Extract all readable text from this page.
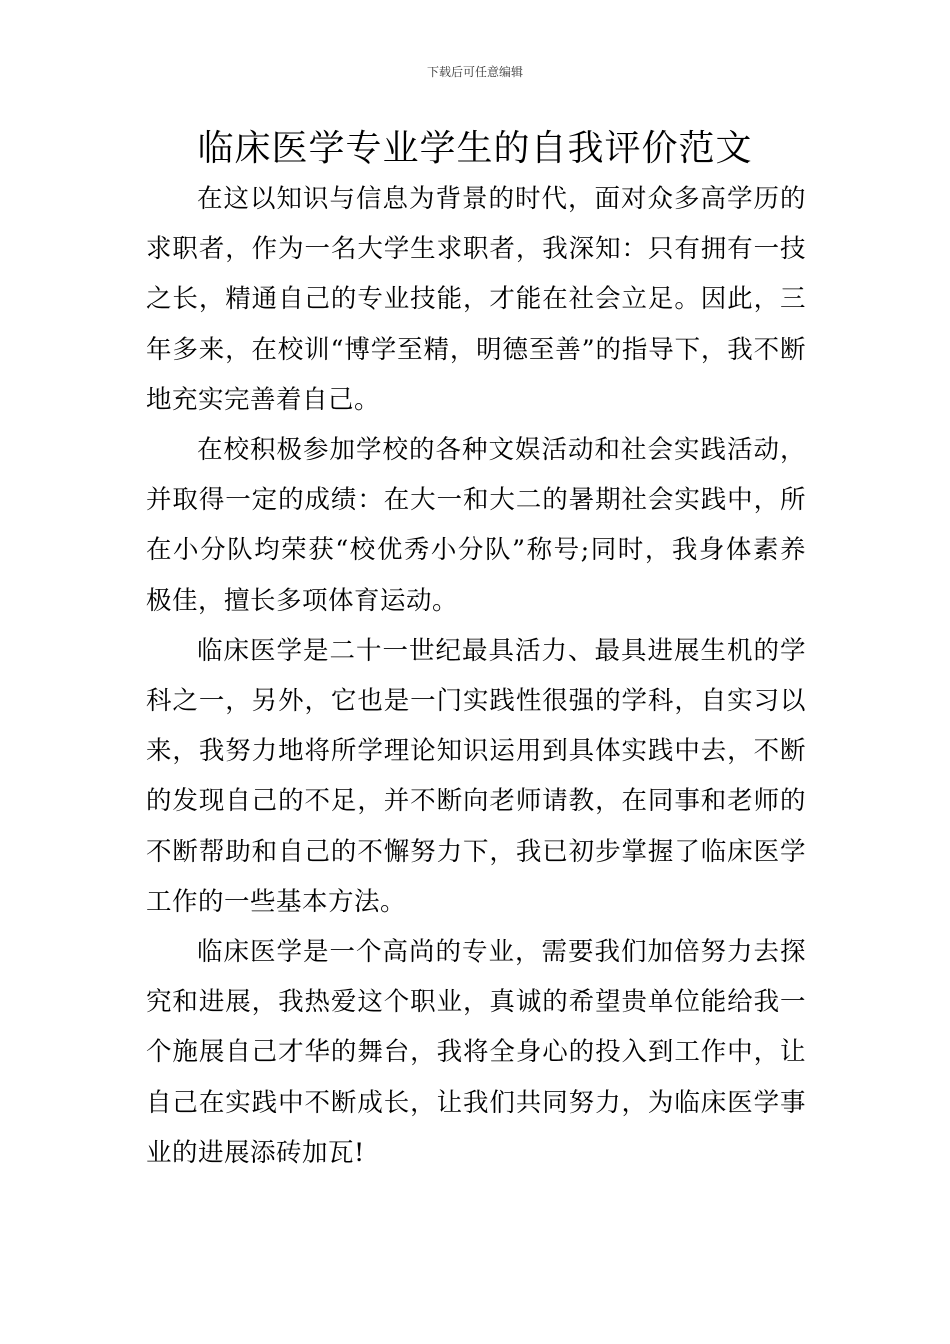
下载后可任意编辑
临床医学专业学生的自我评价范文

在这以知识与信息为背景的时代，面对众多高学历的求职者，作为一名大学生求职者，我深知：只有拥有一技之长，精通自己的专业技能，才能在社会立足。因此，三年多来，在校训“博学至精，明德至善”的指导下，我不断地充实完善着自己。

在校积极参加学校的各种文娱活动和社会实践活动，并取得一定的成绩：在大一和大二的暑期社会实践中，所在小分队均荣获“校优秀小分队”称号;同时，我身体素养极佳，擅长多项体育运动。

临床医学是二十一世纪最具活力、最具进展生机的学科之一，另外，它也是一门实践性很强的学科，自实习以来，我努力地将所学理论知识运用到具体实践中去，不断的发现自己的不足，并不断向老师请教，在同事和老师的不断帮助和自己的不懈努力下，我已初步掌握了临床医学工作的一些基本方法。

临床医学是一个高尚的专业，需要我们加倍努力去探究和进展，我热爱这个职业，真诚的希望贵单位能给我一个施展自己才华的舞台，我将全身心的投入到工作中，让自己在实践中不断成长，让我们共同努力，为临床医学事业的进展添砖加瓦!
